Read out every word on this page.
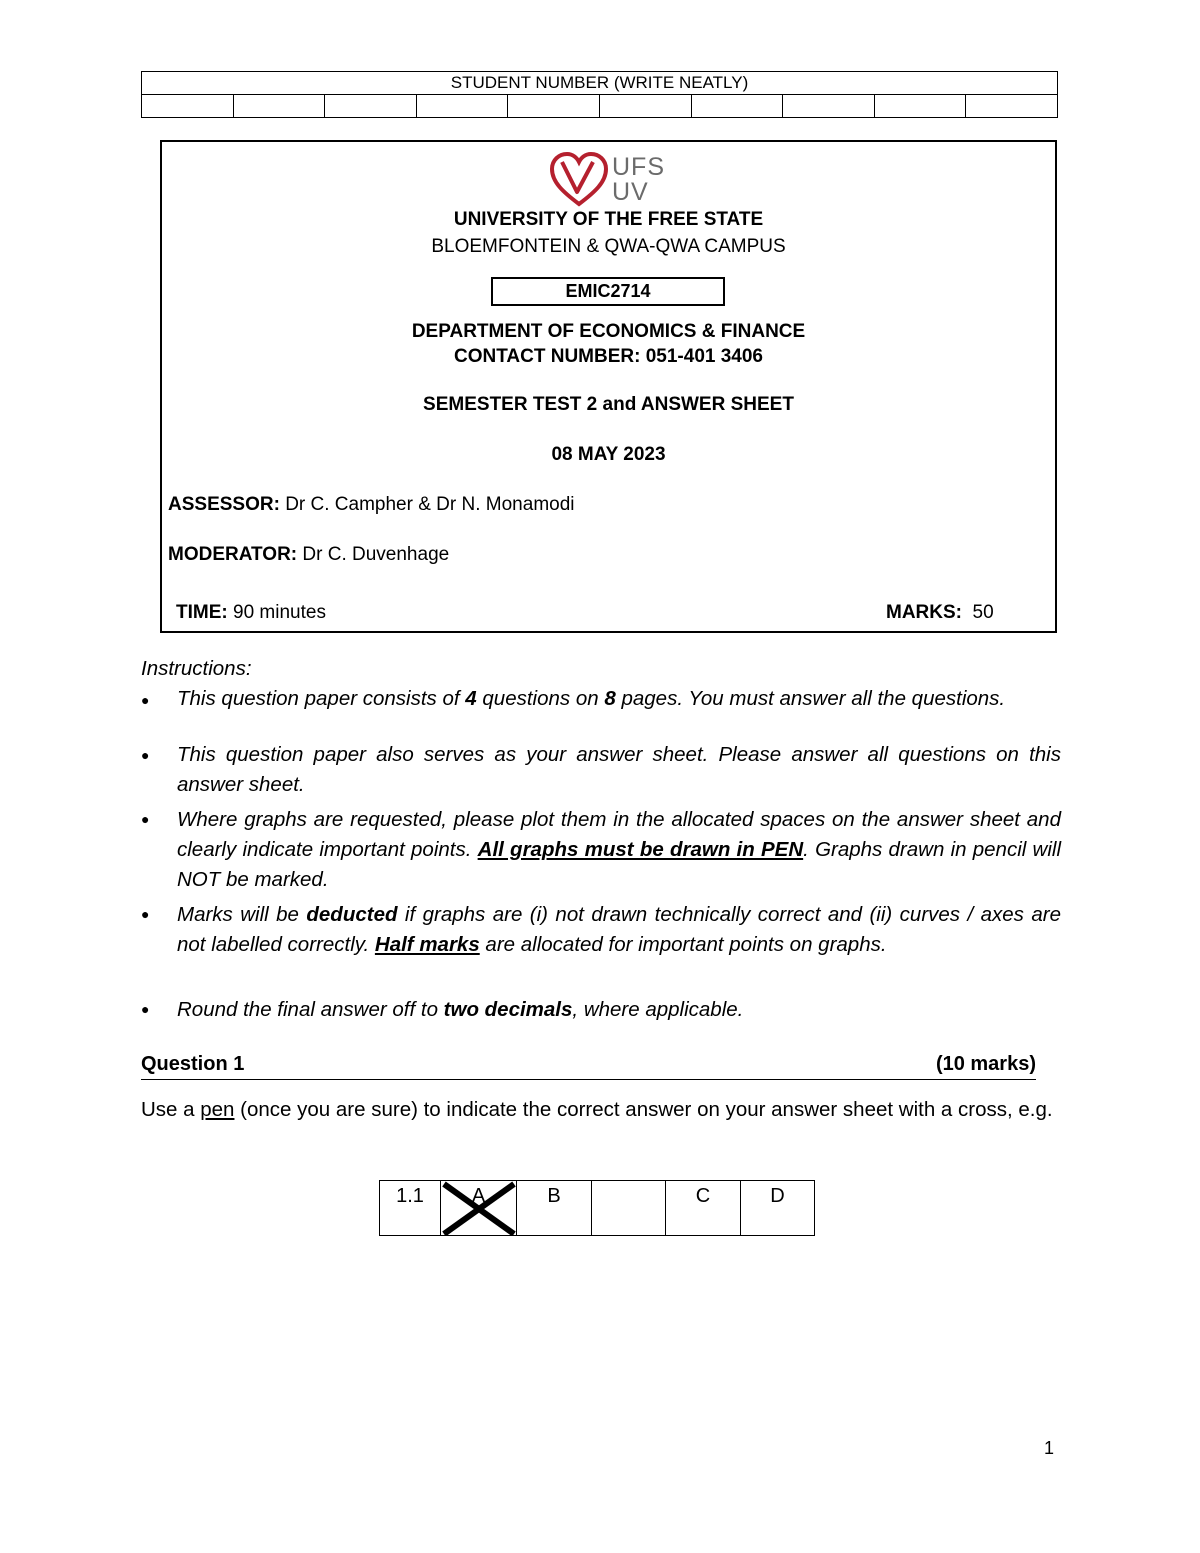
STUDENT NUMBER (WRITE NEATLY)

UFS
UV
UNIVERSITY OF THE FREE STATE
BLOEMFONTEIN & QWA-QWA CAMPUS
EMIC2714
DEPARTMENT OF ECONOMICS & FINANCE
CONTACT NUMBER: 051-401 3406
SEMESTER TEST 2 and ANSWER SHEET
08 MAY 2023
ASSESSOR: Dr C. Campher & Dr N. Monamodi
MODERATOR: Dr C. Duvenhage
TIME: 90 minutes	MARKS:  50
Instructions:
● This question paper consists of 4 questions on 8 pages. You must answer all the questions.
● This question paper also serves as your answer sheet. Please answer all questions on this answer sheet.
● Where graphs are requested, please plot them in the allocated spaces on the answer sheet and clearly indicate important points. All graphs must be drawn in PEN. Graphs drawn in pencil will NOT be marked.
● Marks will be deducted if graphs are (i) not drawn technically correct and (ii) curves / axes are not labelled correctly. Half marks are allocated for important points on graphs.
● Round the final answer off to two decimals, where applicable.
Question 1	(10 marks)
Use a pen (once you are sure) to indicate the correct answer on your answer sheet with a cross, e.g.
1.1	A	B		C	D
1
